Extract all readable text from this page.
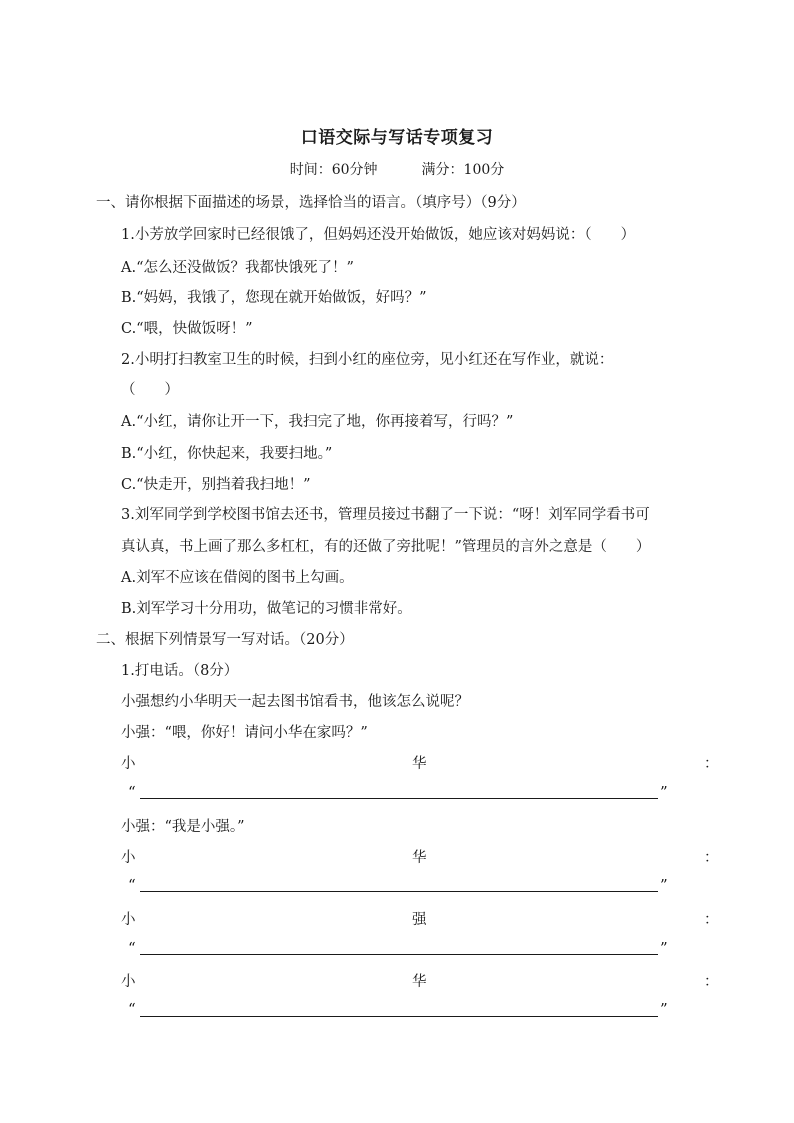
口语交际与写话专项复习
时间：60分钟	满分：100分
一、请你根据下面描述的场景，选择恰当的语言。（填序号）（9分）
1.小芳放学回家时已经很饿了，但妈妈还没开始做饭，她应该对妈妈说：（　　）
A.“怎么还没做饭？我都快饿死了！”
B.“妈妈，我饿了，您现在就开始做饭，好吗？”
C.“喂，快做饭呀！”
2.小明打扫教室卫生的时候，扫到小红的座位旁，见小红还在写作业，就说：
（　　）
A.“小红，请你让开一下，我扫完了地，你再接着写，行吗？”
B.“小红，你快起来，我要扫地。”
C.“快走开，别挡着我扫地！”
3.刘军同学到学校图书馆去还书，管理员接过书翻了一下说：“呀！刘军同学看书可
真认真，书上画了那么多杠杠，有的还做了旁批呢！”管理员的言外之意是（　　）
A.刘军不应该在借阅的图书上勾画。
B.刘军学习十分用功，做笔记的习惯非常好。
二、根据下列情景写一写对话。（20分）
1.打电话。（8分）
小强想约小华明天一起去图书馆看书，他该怎么说呢？
小强：“喂，你好！请问小华在家吗？”
小	华	：
“	”
小强：“我是小强。”
小	华	：
“	”
小	强	：
“	”
小	华	：
“	”
